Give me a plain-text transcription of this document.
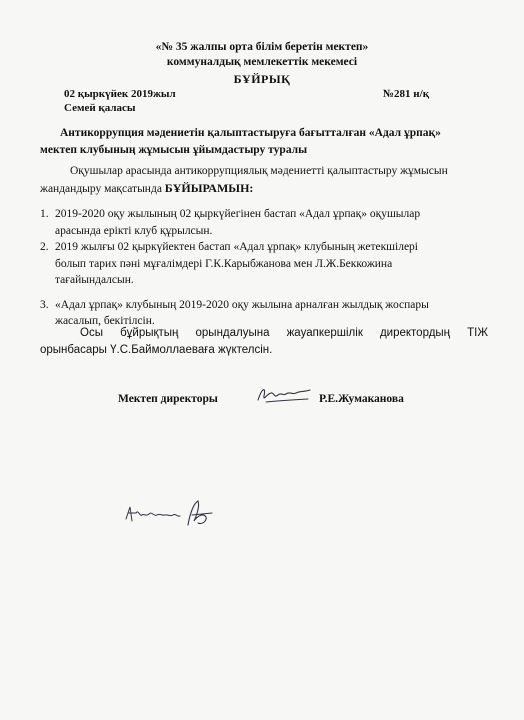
«№ 35 жалпы орта білім беретін мектеп»
коммуналдық мемлекеттік мекемесі
БҰЙРЫҚ
02 қыркүйек 2019жыл	№281 н/қ
Семей қаласы
Антикоррупция мәдениетін қалыптастыруға бағытталған «Адал ұрпақ»
мектеп клубының жұмысын ұйымдастыру туралы
Оқушылар арасында антикоррупциялық мәдениетті қалыптастыру жұмысын
жандандыру мақсатында БҰЙЫРАМЫН:
1. 2019-2020 оқу жылының 02 қыркүйегінен бастап «Адал ұрпақ» оқушылар
арасында ерікті клуб құрылсын.
2. 2019 жылғы 02 қыркүйектен бастап «Адал ұрпақ» клубының жетекшілері
болып тарих пәні мұғалімдері Г.К.Карыбжанова мен Л.Ж.Беккожина
тағайындалсын.
3. «Адал ұрпақ» клубының 2019-2020 оқу жылына арналған жылдық жоспары
жасалып, бекітілсін.
Осы бұйрықтың орындалуына жауапкершілік директордың ТІЖ
орынбасары Ү.С.Баймоллаеваға жүктелсін.
Мектеп директоры	Р.Е.Жумаканова
